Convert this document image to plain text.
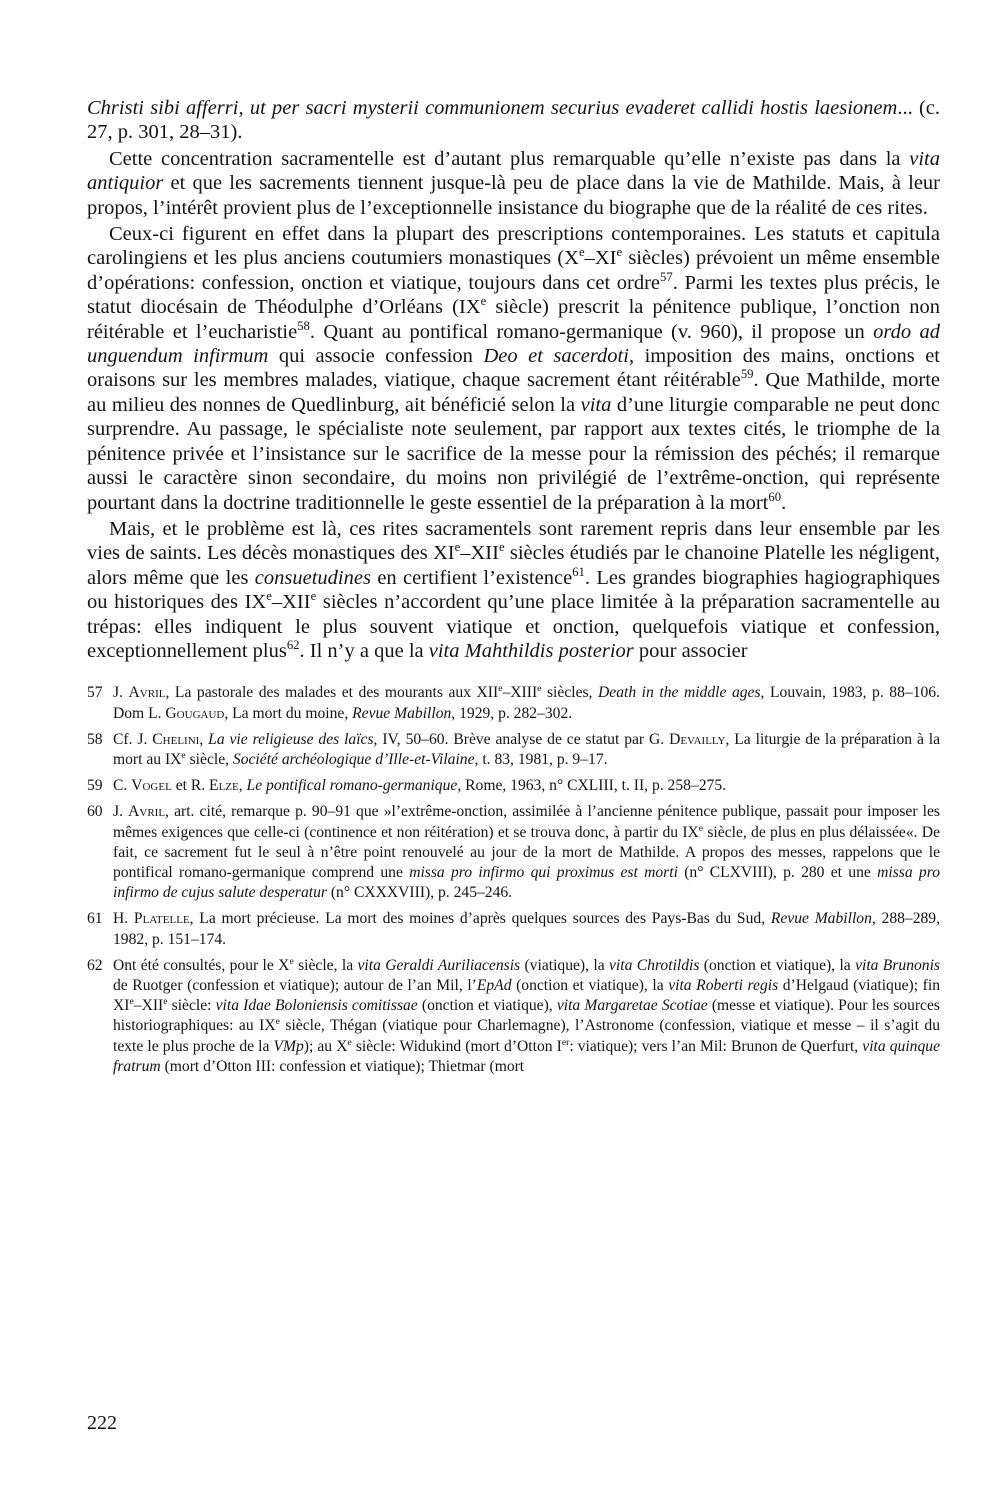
Christi sibi afferri, ut per sacri mysterii communionem securius evaderet callidi hostis laesionem... (c. 27, p. 301, 28–31).

Cette concentration sacramentelle est d’autant plus remarquable qu’elle n’existe pas dans la vita antiquior et que les sacrements tiennent jusque-là peu de place dans la vie de Mathilde. Mais, à leur propos, l’intérêt provient plus de l’exceptionnelle insistance du biographe que de la réalité de ces rites.

Ceux-ci figurent en effet dans la plupart des prescriptions contemporaines. Les statuts et capitula carolingiens et les plus anciens coutumiers monastiques (Xe–XIe siècles) prévoient un même ensemble d’opérations: confession, onction et viatique, toujours dans cet ordre$^{57}$. Parmi les textes plus précis, le statut diocésain de Théodulphe d’Orléans (IXe siècle) prescrit la pénitence publique, l’onction non réitérable et l’eucharistie$^{58}$. Quant au pontifical romano-germanique (v. 960), il propose un ordo ad unguendum infirmum qui associe confession Deo et sacerdoti, imposition des mains, onctions et oraisons sur les membres malades, viatique, chaque sacrement étant réitérable$^{59}$. Que Mathilde, morte au milieu des nonnes de Quedlinburg, ait bénéficié selon la vita d’une liturgie comparable ne peut donc surprendre. Au passage, le spécialiste note seulement, par rapport aux textes cités, le triomphe de la pénitence privée et l’insistance sur le sacrifice de la messe pour la rémission des péchés; il remarque aussi le caractère sinon secondaire, du moins non privilégié de l’extrême-onction, qui représente pourtant dans la doctrine traditionnelle le geste essentiel de la préparation à la mort$^{60}$.

Mais, et le problème est là, ces rites sacramentels sont rarement repris dans leur ensemble par les vies de saints. Les décès monastiques des XIe–XIIe siècles étudiés par le chanoine Platelle les négligent, alors même que les consuetudines en certifient l’existence$^{61}$. Les grandes biographies hagiographiques ou historiques des IXe–XIIe siècles n’accordent qu’une place limitée à la préparation sacramentelle au trépas: elles indiquent le plus souvent viatique et onction, quelquefois viatique et confession, exceptionnellement plus$^{62}$. Il n’y a que la vita Mahthildis posterior pour associer

57 J. Avril, La pastorale des malades et des mourants aux XIIe–XIIIe siècles, Death in the middle ages, Louvain, 1983, p. 88–106. Dom L. Gougaud, La mort du moine, Revue Mabillon, 1929, p. 282–302.
58 Cf. J. Chelini, La vie religieuse des laïcs, IV, 50–60. Brève analyse de ce statut par G. Devailly, La liturgie de la préparation à la mort au IXe siècle, Société archéologique d’Ille-et-Vilaine, t. 83, 1981, p. 9–17.
59 C. Vogel et R. Elze, Le pontifical romano-germanique, Rome, 1963, n° CXLIII, t. II, p. 258–275.
60 J. Avril, art. cité, remarque p. 90–91 que »l’extrême-onction, assimilée à l’ancienne pénitence publique, passait pour imposer les mêmes exigences que celle-ci (continence et non réitération) et se trouva donc, à partir du IXe siècle, de plus en plus délaissée«. De fait, ce sacrement fut le seul à n’être point renouvelé au jour de la mort de Mathilde. A propos des messes, rappelons que le pontifical romano-germanique comprend une missa pro infirmo qui proximus est morti (n° CLXVIII), p. 280 et une missa pro infirmo de cujus salute desperatur (n° CXXXVIII), p. 245–246.
61 H. Platelle, La mort précieuse. La mort des moines d’après quelques sources des Pays-Bas du Sud, Revue Mabillon, 288–289, 1982, p. 151–174.
62 Ont été consultés, pour le Xe siècle, la vita Geraldi Auriliacensis (viatique), la vita Chrotildis (onction et viatique), la vita Brunonis de Ruotger (confession et viatique); autour de l’an Mil, l’EpAd (onction et viatique), la vita Roberti regis d’Helgaud (viatique); fin XIe–XIIe siècle: vita Idae Boloniensis comitissae (onction et viatique), vita Margaretae Scotiae (messe et viatique). Pour les sources historiographiques: au IXe siècle, Thégan (viatique pour Charlemagne), l’Astronome (confession, viatique et messe – il s’agit du texte le plus proche de la VMp); au Xe siècle: Widukind (mort d’Otton Ier: viatique); vers l’an Mil: Brunon de Querfurt, vita quinque fratrum (mort d’Otton III: confession et viatique); Thietmar (mort
222
